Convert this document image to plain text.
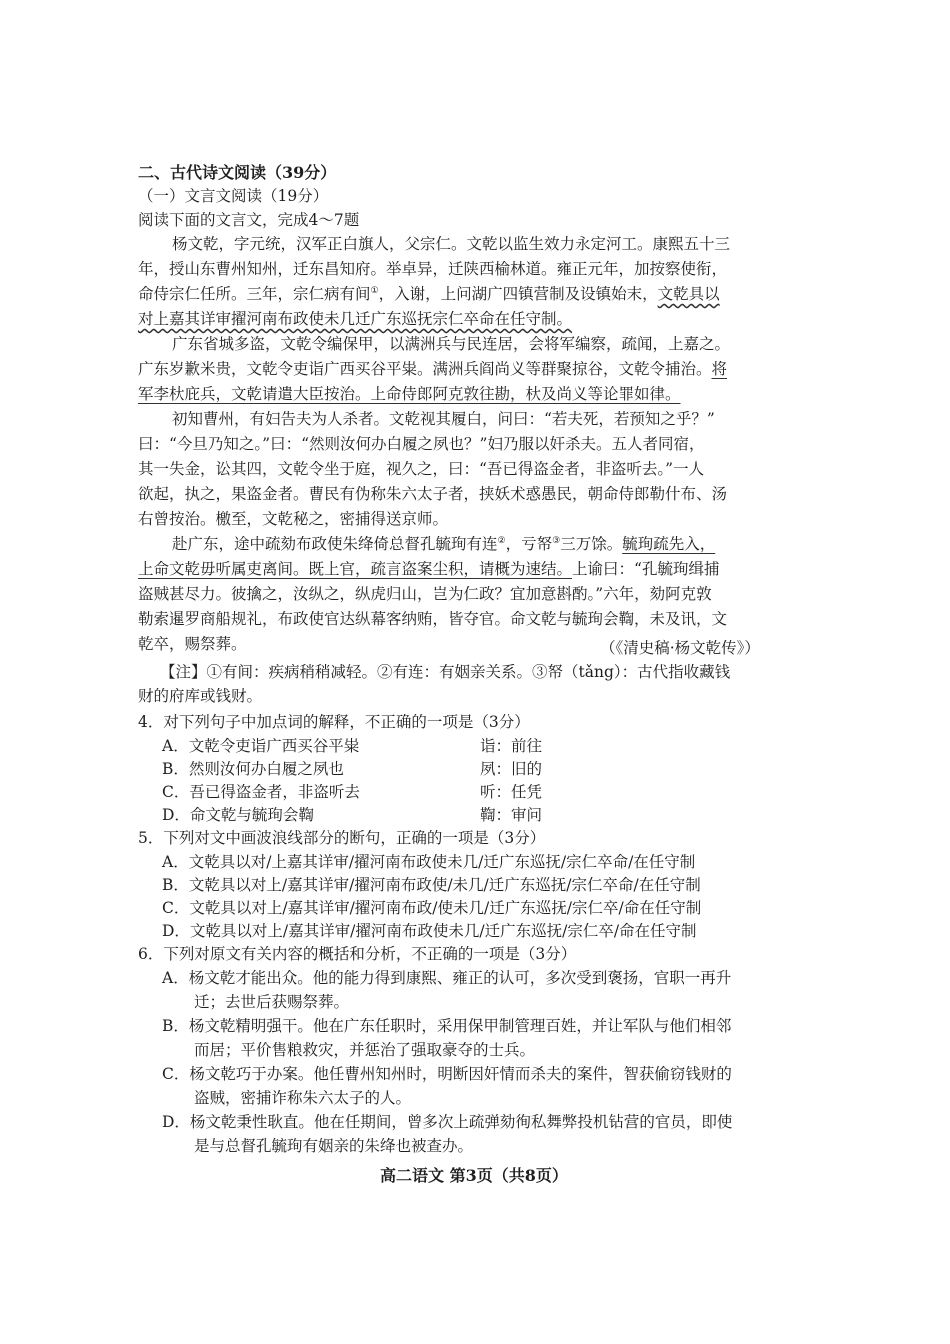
二、古代诗文阅读（39分）
（一）文言文阅读（19分）
阅读下面的文言文，完成4～7题
杨文乾，字元统，汉军正白旗人，父宗仁。文乾以监生效力永定河工。康熙五十三
年，授山东曹州知州，迁东昌知府。举卓异，迁陕西榆林道。雍正元年，加按察使衔，
命侍宗仁任所。三年，宗仁病有间①，入谢，上问湖广四镇营制及设镇始末，文乾具以
对上嘉其详审擢河南布政使未几迁广东巡抚宗仁卒命在任守制。
广东省城多盗，文乾令编保甲，以满洲兵与民连居，会将军编察，疏闻，上嘉之。
广东岁歉米贵，文乾令吏诣广西买谷平粜。满洲兵阎尚义等群聚掠谷，文乾令捕治。将
军李杕庇兵，文乾请遣大臣按治。上命侍郎阿克敦往勘，杕及尚义等论罪如律。
初知曹州，有妇告夫为人杀者。文乾视其履白，问曰：“若夫死，若预知之乎？”
曰：“今旦乃知之。”曰：“然则汝何办白履之夙也？”妇乃服以奸杀夫。五人者同宿，
其一失金，讼其四，文乾令坐于庭，视久之，曰：“吾已得盗金者，非盗听去。”一人
欲起，执之，果盗金者。曹民有伪称朱六太子者，挟妖术惑愚民，朝命侍郎勒什布、汤
右曾按治。檄至，文乾秘之，密捕得送京师。
赴广东，途中疏劾布政使朱绛倚总督孔毓珣有连②，亏帑③三万馀。毓珣疏先入，
上命文乾毋听属吏离间。既上官，疏言盗案尘积，请概为速结。上谕曰：“孔毓珣缉捕
盗贼甚尽力。彼擒之，汝纵之，纵虎归山，岂为仁政？宜加意斟酌。”六年，劾阿克敦
勒索暹罗商船规礼，布政使官达纵幕客纳贿，皆夺官。命文乾与毓珣会鞫，未及讯，文
乾卒，赐祭葬。	（《清史稿·杨文乾传》）
【注】①有间：疾病稍稍减轻。②有连：有姻亲关系。③帑（tǎng）：古代指收藏钱
财的府库或钱财。
4．对下列句子中加点词的解释，不正确的一项是（3分）
A．文乾令吏诣广西买谷平粜	诣：前往
B．然则汝何办白履之夙也	夙：旧的
C．吾已得盗金者，非盗听去	听：任凭
D．命文乾与毓珣会鞫	鞫：审问
5．下列对文中画波浪线部分的断句，正确的一项是（3分）
A．文乾具以对/上嘉其详审/擢河南布政使未几/迁广东巡抚/宗仁卒命/在任守制
B．文乾具以对上/嘉其详审/擢河南布政使/未几/迁广东巡抚/宗仁卒命/在任守制
C．文乾具以对上/嘉其详审/擢河南布政/使未几/迁广东巡抚/宗仁卒/命在任守制
D．文乾具以对上/嘉其详审/擢河南布政使未几/迁广东巡抚/宗仁卒/命在任守制
6．下列对原文有关内容的概括和分析，不正确的一项是（3分）
A．杨文乾才能出众。他的能力得到康熙、雍正的认可，多次受到褒扬，官职一再升
迁；去世后获赐祭葬。
B．杨文乾精明强干。他在广东任职时，采用保甲制管理百姓，并让军队与他们相邻
而居；平价售粮救灾，并惩治了强取豪夺的士兵。
C．杨文乾巧于办案。他任曹州知州时，明断因奸情而杀夫的案件，智获偷窃钱财的
盗贼，密捕诈称朱六太子的人。
D．杨文乾秉性耿直。他在任期间，曾多次上疏弹劾徇私舞弊投机钻营的官员，即使
是与总督孔毓珣有姻亲的朱绛也被查办。
高二语文 第3页（共8页）
